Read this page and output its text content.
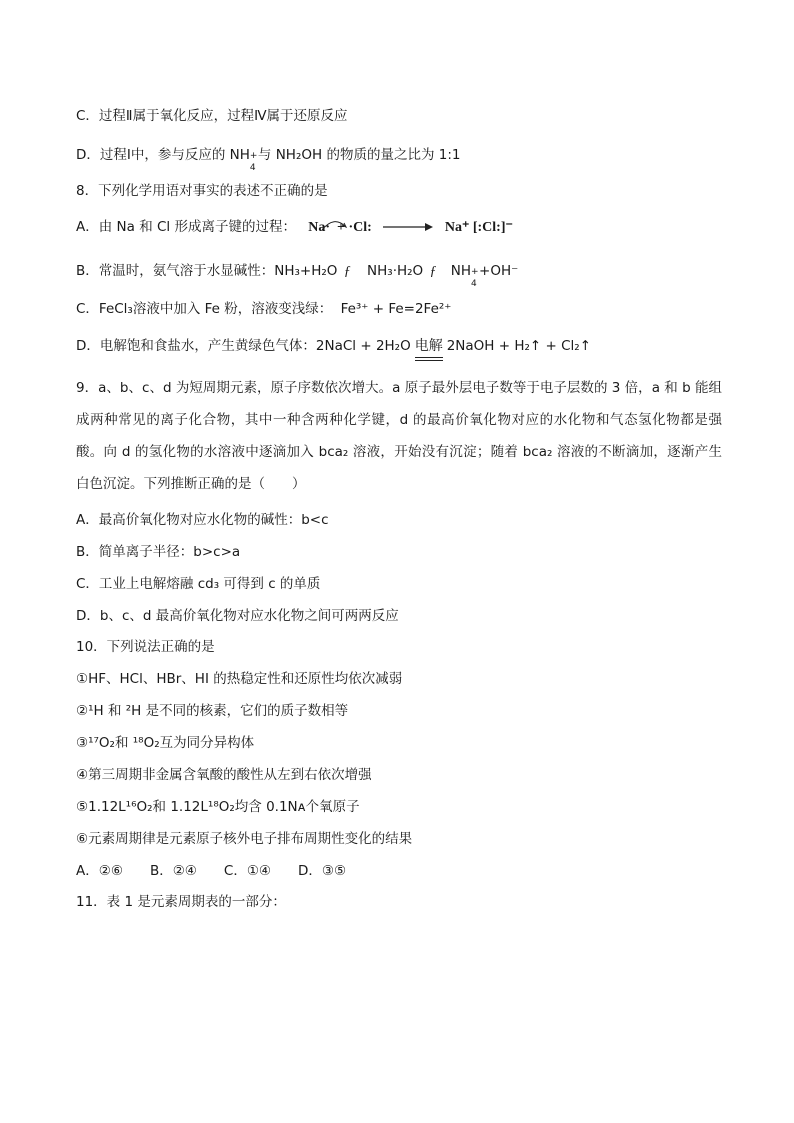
C．过程Ⅱ属于氧化反应，过程Ⅳ属于还原反应
D．过程Ⅰ中，参与反应的 NH +
4
与 NH₂OH 的物质的量之比为 1:1
8．下列化学用语对事实的表述不正确的是
A．由 Na 和 Cl 形成离子键的过程： Na· + ·Cl: → Na⁺ [:Cl:]⁻
B．常温时，氨气溶于水显碱性：NH₃+H₂O ƒ NH₃·H₂O ƒ NH +
4
+OH⁻
C．FeCl₃溶液中加入 Fe 粉，溶液变浅绿： Fe³⁺ + Fe=2Fe²⁺
D．电解饱和食盐水，产生黄绿色气体：2NaCl + 2H₂O 电解 2NaOH + H₂↑ + Cl₂↑
9．a、b、c、d 为短周期元素，原子序数依次增大。a 原子最外层电子数等于电子层数的 3 倍，a 和 b 能组成两种常见的离子化合物，其中一种含两种化学键，d 的最高价氧化物对应的水化物和气态氢化物都是强酸。向 d 的氢化物的水溶液中逐滴加入 bca₂ 溶液，开始没有沉淀；随着 bca₂ 溶液的不断滴加，逐渐产生白色沉淀。下列推断正确的是（　　）
A．最高价氧化物对应水化物的碱性：b<c
B．简单离子半径：b>c>a
C．工业上电解熔融 cd₃ 可得到 c 的单质
D．b、c、d 最高价氧化物对应水化物之间可两两反应
10．下列说法正确的是
①HF、HCl、HBr、HI 的热稳定性和还原性均依次减弱
②¹H 和 ²H 是不同的核素，它们的质子数相等
③¹⁷O₂和 ¹⁸O₂互为同分异构体
④第三周期非金属含氧酸的酸性从左到右依次增强
⑤1.12L¹⁶O₂和 1.12L¹⁸O₂均含 0.1Nᴀ个氧原子
⑥元素周期律是元素原子核外电子排布周期性变化的结果
A．②⑥　　B．②④　　C．①④　　D．③⑤
11．表 1 是元素周期表的一部分：
